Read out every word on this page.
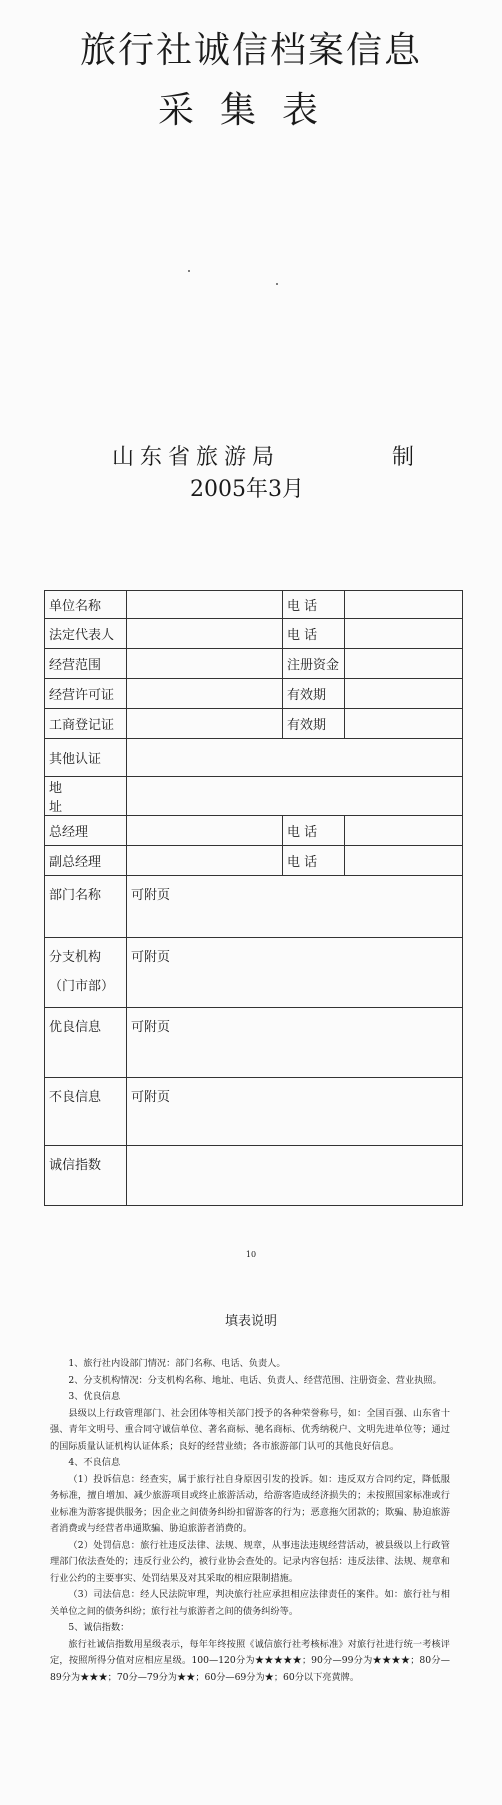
旅行社诚信档案信息
采集表
山东省旅游局	制
2005年3月
单位名称		电 话	
法定代表人		电 话	
经营范围		注册资金	
经营许可证		有效期	
工商登记证		有效期	
其他认证			
地 址			
总经理		电 话	
副总经理		电 话	
部门名称	可附页		

分支机构
（门市部）	可附页		
优良信息	可附页		
不良信息	可附页		
诚信指数			
10
填表说明

1、旅行社内设部门情况：部门名称、电话、负责人。

2、分支机构情况：分支机构名称、地址、电话、负责人、经营范围、注册资金、营业执照。

3、优良信息

县级以上行政管理部门、社会团体等相关部门授予的各种荣誉称号，如：全国百强、山东省十强、青年文明号、重合同守诚信单位、著名商标、驰名商标、优秀纳税户、文明先进单位等；通过的国际质量认证机构认证体系；良好的经营业绩；各市旅游部门认可的其他良好信息。

4、不良信息

（1）投诉信息：经查实，属于旅行社自身原因引发的投诉。如：违反双方合同约定，降低服务标准，擅自增加、减少旅游项目或终止旅游活动，给游客造成经济损失的；未按照国家标准或行业标准为游客提供服务；因企业之间债务纠纷扣留游客的行为；恶意拖欠团款的；欺骗、胁迫旅游者消费或与经营者串通欺骗、胁迫旅游者消费的。

（2）处罚信息：旅行社违反法律、法规、规章，从事违法违规经营活动，被县级以上行政管理部门依法查处的；违反行业公约，被行业协会查处的。记录内容包括：违反法律、法规、规章和行业公约的主要事实、处罚结果及对其采取的相应限制措施。

（3）司法信息：经人民法院审理，判决旅行社应承担相应法律责任的案件。如：旅行社与相关单位之间的债务纠纷；旅行社与旅游者之间的债务纠纷等。

5、诚信指数：

旅行社诚信指数用星级表示，每年年终按照《诚信旅行社考核标准》对旅行社进行统一考核评定，按照所得分值对应相应星级。100—120分为★★★★★；90分—99分为★★★★；80分—89分为★★★；70分—79分为★★；60分—69分为★；60分以下亮黄牌。
